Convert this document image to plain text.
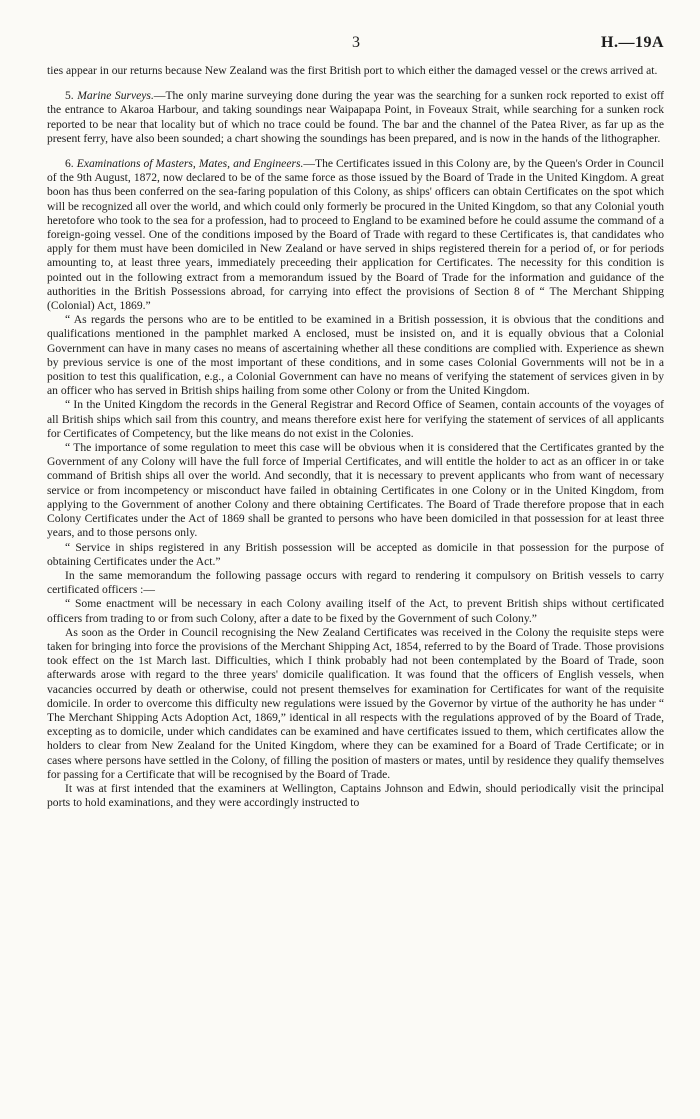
3	H.—19A

ties appear in our returns because New Zealand was the first British port to which either the damaged vessel or the crews arrived at.

5. Marine Surveys.—The only marine surveying done during the year was the searching for a sunken rock reported to exist off the entrance to Akaroa Harbour, and taking soundings near Waipapapa Point, in Foveaux Strait, while searching for a sunken rock reported to be near that locality but of which no trace could be found. The bar and the channel of the Patea River, as far up as the present ferry, have also been sounded; a chart showing the soundings has been prepared, and is now in the hands of the lithographer.

6. Examinations of Masters, Mates, and Engineers.—The Certificates issued in this Colony are, by the Queen's Order in Council of the 9th August, 1872, now declared to be of the same force as those issued by the Board of Trade in the United Kingdom. A great boon has thus been conferred on the sea-faring population of this Colony, as ships' officers can obtain Certificates on the spot which will be recognized all over the world, and which could only formerly be procured in the United Kingdom, so that any Colonial youth heretofore who took to the sea for a profession, had to proceed to England to be examined before he could assume the command of a foreign-going vessel. One of the conditions imposed by the Board of Trade with regard to these Certificates is, that candidates who apply for them must have been domiciled in New Zealand or have served in ships registered therein for a period of, or for periods amounting to, at least three years, immediately preceeding their application for Certificates. The necessity for this condition is pointed out in the following extract from a memorandum issued by the Board of Trade for the information and guidance of the authorities in the British Possessions abroad, for carrying into effect the provisions of Section 8 of “ The Merchant Shipping (Colonial) Act, 1869.”

“ As regards the persons who are to be entitled to be examined in a British possession, it is obvious that the conditions and qualifications mentioned in the pamphlet marked A enclosed, must be insisted on, and it is equally obvious that a Colonial Government can have in many cases no means of ascertaining whether all these conditions are complied with. Experience as shewn by previous service is one of the most important of these conditions, and in some cases Colonial Governments will not be in a position to test this qualification, e.g., a Colonial Government can have no means of verifying the statement of services given in by an officer who has served in British ships hailing from some other Colony or from the United Kingdom.

“ In the United Kingdom the records in the General Registrar and Record Office of Seamen, contain accounts of the voyages of all British ships which sail from this country, and means therefore exist here for verifying the statement of services of all applicants for Certificates of Competency, but the like means do not exist in the Colonies.

“ The importance of some regulation to meet this case will be obvious when it is considered that the Certificates granted by the Government of any Colony will have the full force of Imperial Certificates, and will entitle the holder to act as an officer in or take command of British ships all over the world. And secondly, that it is necessary to prevent applicants who from want of necessary service or from incompetency or misconduct have failed in obtaining Certificates in one Colony or in the United Kingdom, from applying to the Government of another Colony and there obtaining Certificates. The Board of Trade therefore propose that in each Colony Certificates under the Act of 1869 shall be granted to persons who have been domiciled in that possession for at least three years, and to those persons only.

“ Service in ships registered in any British possession will be accepted as domicile in that possession for the purpose of obtaining Certificates under the Act.”

In the same memorandum the following passage occurs with regard to rendering it compulsory on British vessels to carry certificated officers :—

“ Some enactment will be necessary in each Colony availing itself of the Act, to prevent British ships without certificated officers from trading to or from such Colony, after a date to be fixed by the Government of such Colony.”

As soon as the Order in Council recognising the New Zealand Certificates was received in the Colony the requisite steps were taken for bringing into force the provisions of the Merchant Shipping Act, 1854, referred to by the Board of Trade. Those provisions took effect on the 1st March last. Difficulties, which I think probably had not been contemplated by the Board of Trade, soon afterwards arose with regard to the three years' domicile qualification. It was found that the officers of English vessels, when vacancies occurred by death or otherwise, could not present themselves for examination for Certificates for want of the requisite domicile. In order to overcome this difficulty new regulations were issued by the Governor by virtue of the authority he has under “ The Merchant Shipping Acts Adoption Act, 1869,” identical in all respects with the regulations approved of by the Board of Trade, excepting as to domicile, under which candidates can be examined and have certificates issued to them, which certificates allow the holders to clear from New Zealand for the United Kingdom, where they can be examined for a Board of Trade Certificate; or in cases where persons have settled in the Colony, of filling the position of masters or mates, until by residence they qualify themselves for passing for a Certificate that will be recognised by the Board of Trade.

It was at first intended that the examiners at Wellington, Captains Johnson and Edwin, should periodically visit the principal ports to hold examinations, and they were accordingly instructed to
